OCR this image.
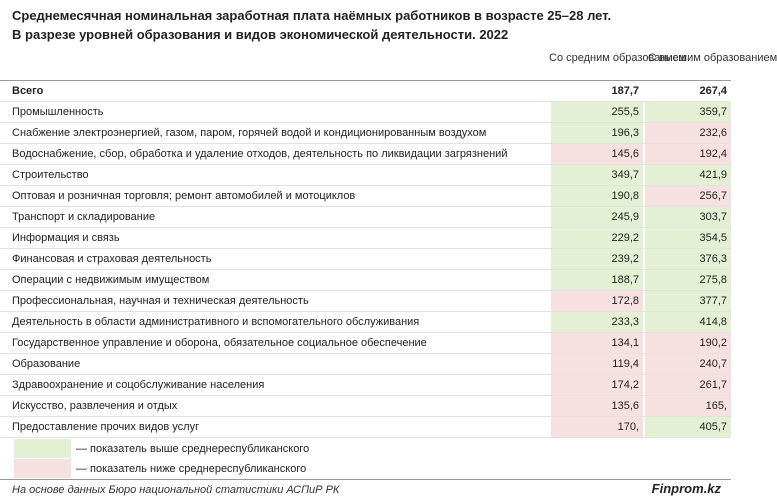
Среднемесячная номинальная заработная плата наёмных работников в возрасте 25–28 лет.
В разрезе уровней образования и видов экономической деятельности. 2022
Со средним образованием
С высшим образованием
Всего	187,7	267,4
Промышленность	255,5	359,7
Снабжение электроэнергией, газом, паром, горячей водой и кондиционированным воздухом	196,3	232,6
Водоснабжение, сбор, обработка и удаление отходов, деятельность по ликвидации загрязнений	145,6	192,4
Строительство	349,7	421,9
Оптовая и розничная торговля; ремонт автомобилей и мотоциклов	190,8	256,7
Транспорт и складирование	245,9	303,7
Информация и связь	229,2	354,5
Финансовая и страховая деятельность	239,2	376,3
Операции с недвижимым имуществом	188,7	275,8
Профессиональная, научная и техническая деятельность	172,8	377,7
Деятельность в области административного и вспомогательного обслуживания	233,3	414,8
Государственное управление и оборона, обязательное социальное обеспечение	134,1	190,2
Образование	119,4	240,7
Здравоохранение и соцобслуживание населения	174,2	261,7
Искусство, развлечения и отдых	135,6	165,
Предоставление прочих видов услуг	170,	405,7
— показатель выше среднереспубликанского
— показатель ниже среднереспубликанского
На основе данных Бюро национальной статистики АСПиР РК	Finprom.kz
